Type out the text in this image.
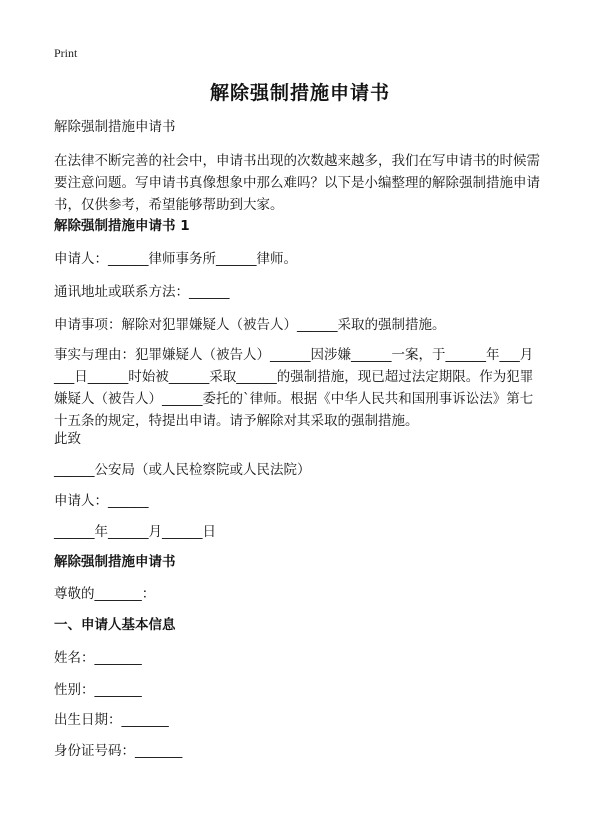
Print
解除强制措施申请书
解除强制措施申请书
在法律不断完善的社会中，申请书出现的次数越来越多，我们在写申请书的时候需要注意问题。写申请书真像想象中那么难吗？以下是小编整理的解除强制措施申请书，仅供参考，希望能够帮助到大家。
解除强制措施申请书 1
申请人：______律师事务所______律师。
通讯地址或联系方法：______
申请事项：解除对犯罪嫌疑人（被告人）______采取的强制措施。
事实与理由：犯罪嫌疑人（被告人）______因涉嫌______一案，于______年___月
___日______时始被______采取______的强制措施，现已超过法定期限。作为犯罪
嫌疑人（被告人）______委托的`律师。根据《中华人民共和国刑事诉讼法》第七
十五条的规定，特提出申请。请予解除对其采取的强制措施。
此致
______公安局（或人民检察院或人民法院）
申请人：______
______年______月______日
解除强制措施申请书
尊敬的_______：
一、申请人基本信息
姓名：_______
性别：_______
出生日期：_______
身份证号码：_______
